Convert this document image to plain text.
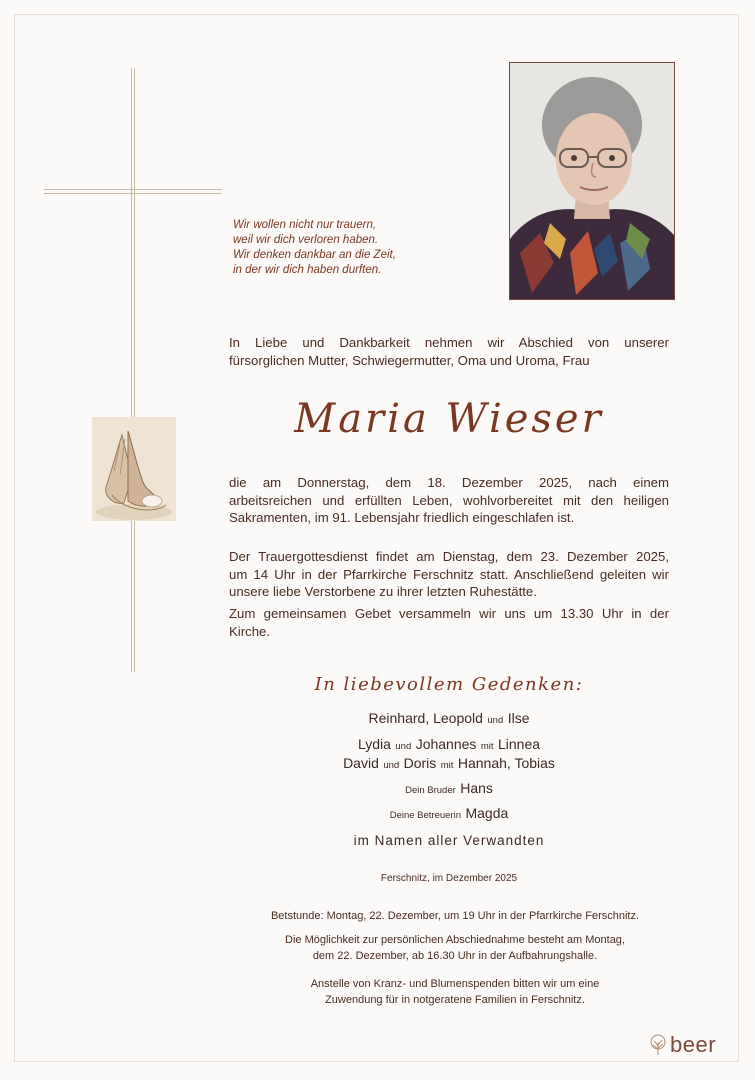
Wir wollen nicht nur trauern,
weil wir dich verloren haben.
Wir denken dankbar an die Zeit,
in der wir dich haben durften.
In Liebe und Dankbarkeit nehmen wir Abschied von unserer
fürsorglichen Mutter, Schwiegermutter, Oma und Uroma, Frau
Maria Wieser
die am Donnerstag, dem 18. Dezember 2025, nach einem
arbeitsreichen und erfüllten Leben, wohlvorbereitet mit den heiligen
Sakramenten, im 91. Lebensjahr friedlich eingeschlafen ist.
Der Trauergottesdienst findet am Dienstag, dem 23. Dezember 2025,
um 14 Uhr in der Pfarrkirche Ferschnitz statt. Anschließend geleiten wir
unsere liebe Verstorbene zu ihrer letzten Ruhestätte.
Zum gemeinsamen Gebet versammeln wir uns um 13.30 Uhr in der
Kirche.
In liebevollem Gedenken:
Reinhard, Leopold und Ilse
Lydia und Johannes mit Linnea
David und Doris mit Hannah, Tobias
Dein Bruder Hans
Deine Betreuerin Magda
im Namen aller Verwandten
Ferschnitz, im Dezember 2025
Betstunde: Montag, 22. Dezember, um 19 Uhr in der Pfarrkirche Ferschnitz.
Die Möglichkeit zur persönlichen Abschiednahme besteht am Montag,
dem 22. Dezember, ab 16.30 Uhr in der Aufbahrungshalle.
Anstelle von Kranz- und Blumenspenden bitten wir um eine
Zuwendung für in notgeratene Familien in Ferschnitz.
beer
